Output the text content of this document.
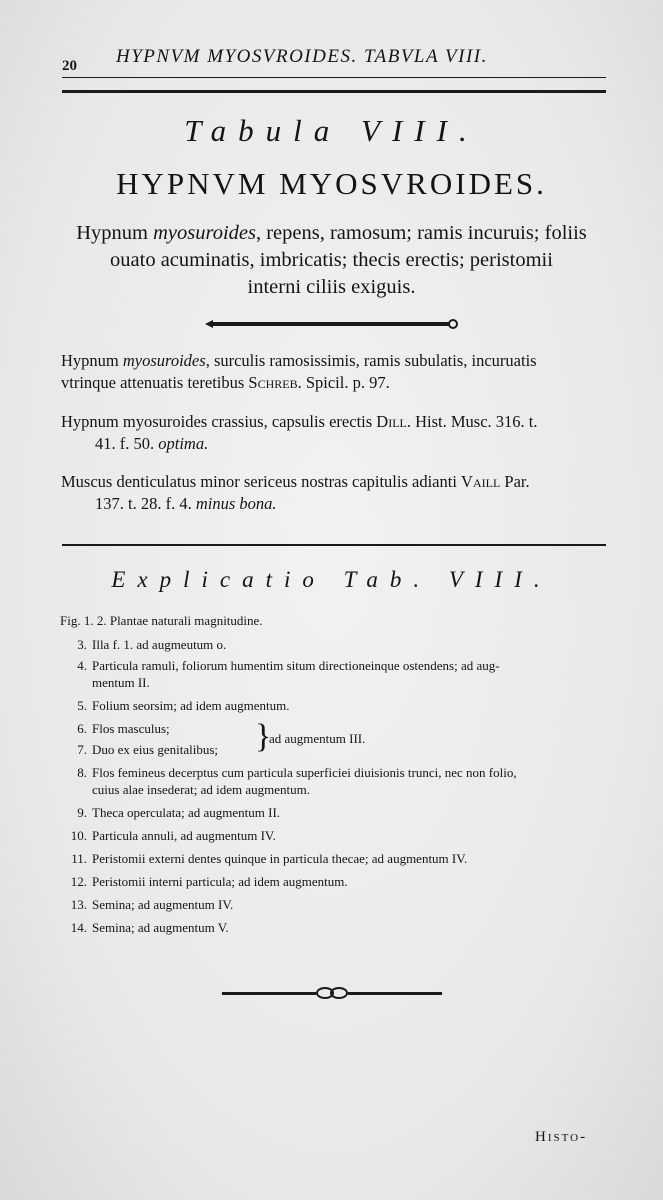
20 HYPNVM MYOSVROIDES. TABVLA VIII.
Tabula VIII.
HYPNVM MYOSVROIDES.
Hypnum myosuroides, repens, ramosum; ramis incuruis; foliis
ouato acuminatis, imbricatis; thecis erectis; peristomii
interni ciliis exiguis.
Hypnum myosuroides, surculis ramosissimis, ramis subulatis, incuruatis
vtrinque attenuatis teretibus Schreb. Spicil. p. 97.
Hypnum myosuroides crassius, capsulis erectis Dill. Hist. Musc. 316. t.
41. f. 50. optima.
Muscus denticulatus minor sericeus nostras capitulis adianti Vaill Par.
137. t. 28. f. 4. minus bona.
Explicatio Tab. VIII.
Fig. 1. 2. Plantae naturali magnitudine.
3. Illa f. 1. ad augmeutum o.
4. Particula ramuli, foliorum humentim situm directioneinque ostendens; ad aug-
mentum II.
5. Folium seorsim; ad idem augmentum.
6. Flos masculus;
7. Duo ex eius genitalibus;	}
ad augmentum III.
8. Flos femineus decerptus cum particula superficiei diuisionis trunci, nec non folio,
cuius alae insederat; ad idem augmentum.
9. Theca operculata; ad augmentum II.
10. Particula annuli, ad augmentum IV.
11. Peristomii externi dentes quinque in particula thecae; ad augmentum IV.
12. Peristomii interni particula; ad idem augmentum.
13. Semina; ad augmentum IV.
14. Semina; ad augmentum V.
Histo-
